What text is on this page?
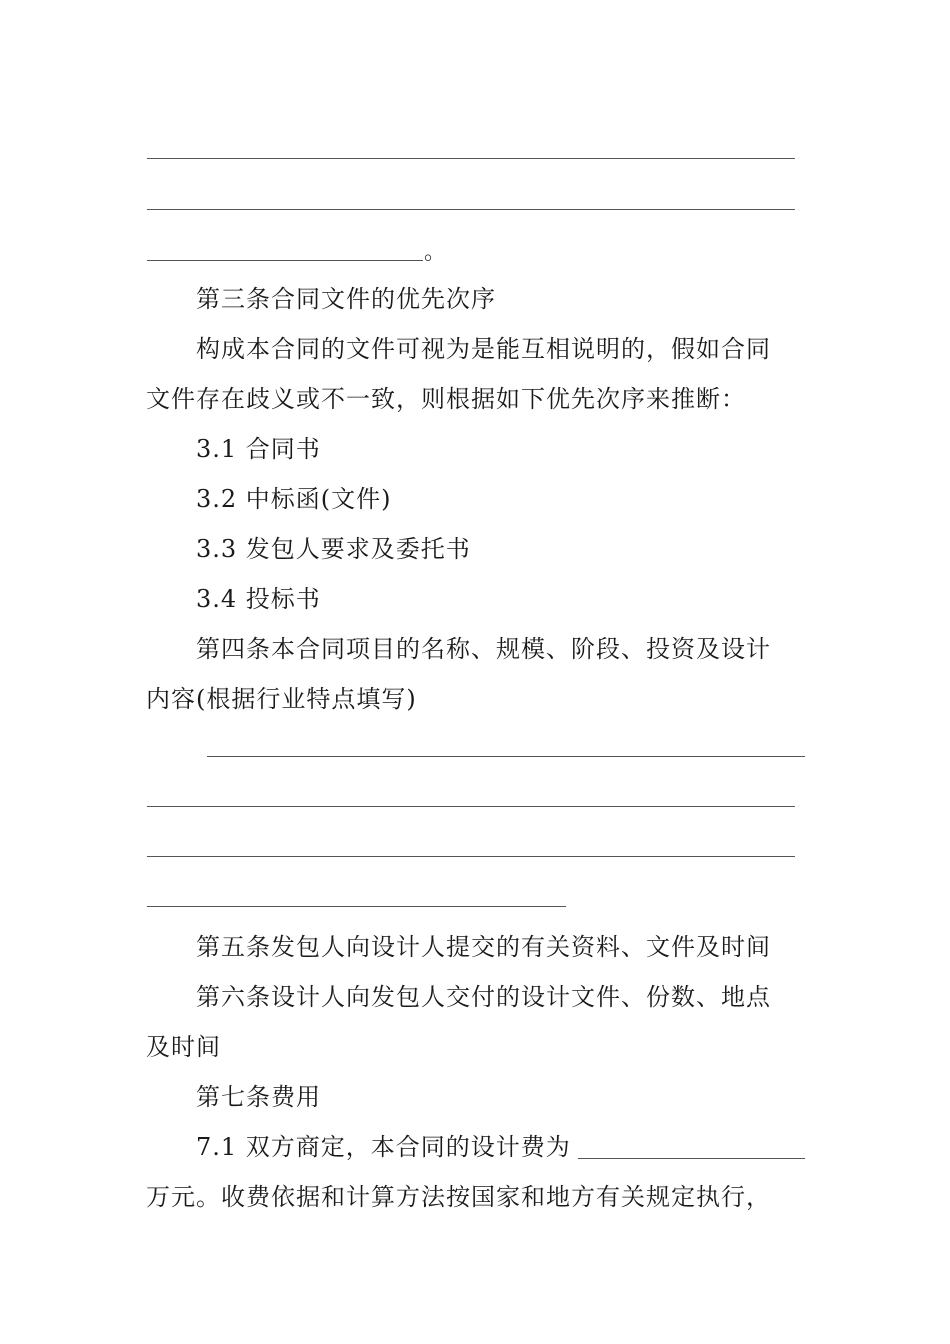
。
第三条合同文件的优先次序
构成本合同的文件可视为是能互相说明的，假如合同
文件存在歧义或不一致，则根据如下优先次序来推断：
3.1 合同书
3.2 中标函(文件)
3.3 发包人要求及委托书
3.4 投标书
第四条本合同项目的名称、规模、阶段、投资及设计
内容(根据行业特点填写)
第五条发包人向设计人提交的有关资料、文件及时间
第六条设计人向发包人交付的设计文件、份数、地点
及时间
第七条费用
7.1 双方商定，本合同的设计费为
万元。收费依据和计算方法按国家和地方有关规定执行，
